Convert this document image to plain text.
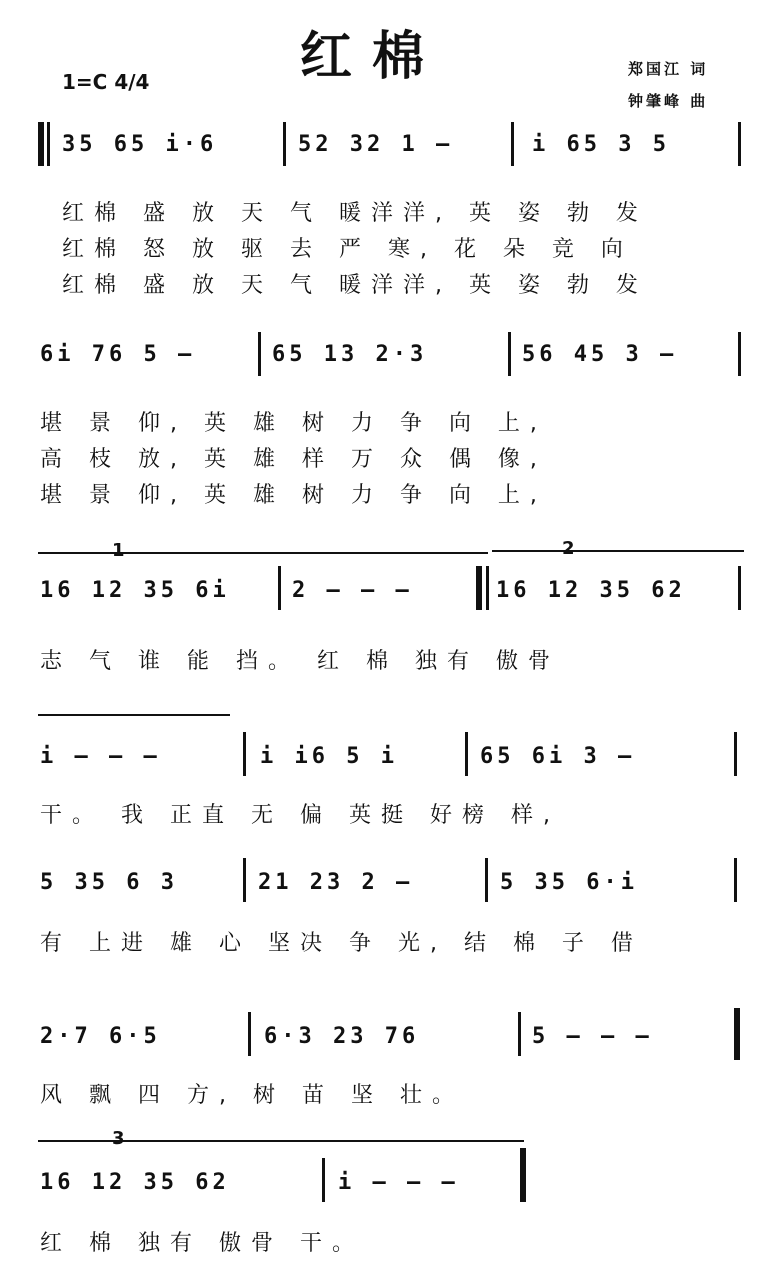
红棉
1=C 4/4
郑国江 词
钟肇峰 曲
35 65 i·6	52 32 1 —	i 65 3 5
红棉 盛 放 天 气 暖洋洋, 英 姿 勃 发
红棉 怒 放 驱 去 严 寒, 花 朵 竞 向
红棉 盛 放 天 气 暖洋洋, 英 姿 勃 发
6i 76 5 —	65 13 2·3	56 45 3 —
堪 景 仰, 英 雄 树 力 争 向 上,
高 枝 放, 英 雄 样 万 众 偶 像,
堪 景 仰, 英 雄 树 力 争 向 上,
1	2
16 12 35 6i	2 — — —	16 12 35 62
志 气 谁 能 挡。 红 棉 独有 傲骨
i — — —	i i6 5 i	65 6i 3 —
干。 我 正直 无 偏 英挺 好榜 样,
5 35 6 3	21 23 2 —	5 35 6·i
有 上进 雄 心 坚决 争 光, 结 棉 子 借
2·7 6·5	6·3 23 76	5 — — —
风 飘 四 方, 树 苗 坚 壮。
3
16 12 35 62	i — — —
红 棉 独有 傲骨 干。
